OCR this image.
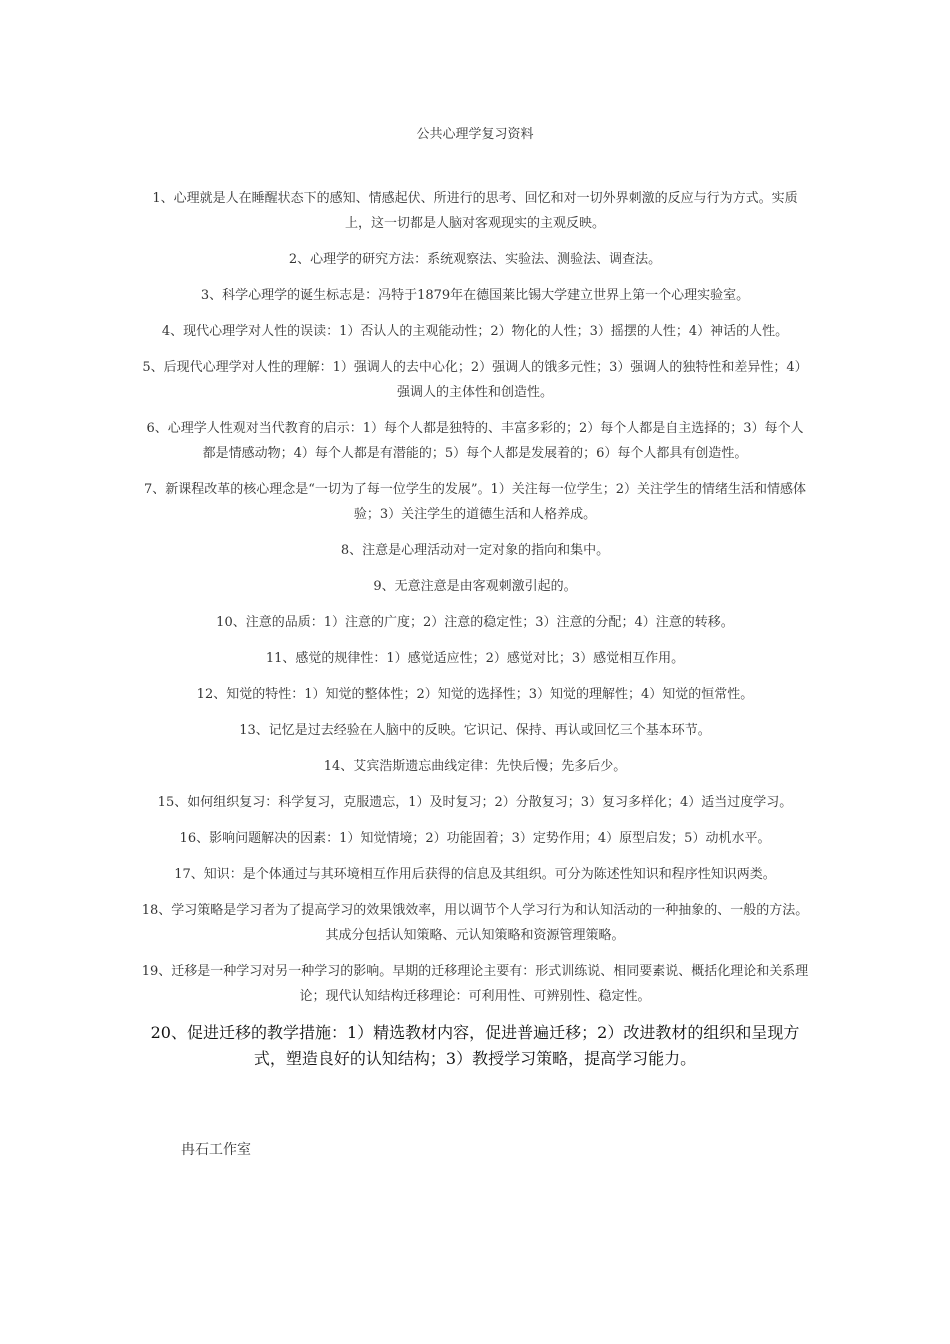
公共心理学复习资料

1、心理就是人在睡醒状态下的感知、情感起伏、所进行的思考、回忆和对一切外界刺激的反应与行为方式。实质上，这一切都是人脑对客观现实的主观反映。

2、心理学的研究方法：系统观察法、实验法、测验法、调查法。

3、科学心理学的诞生标志是：冯特于1879年在德国莱比锡大学建立世界上第一个心理实验室。

4、现代心理学对人性的误读：1）否认人的主观能动性；2）物化的人性；3）摇摆的人性；4）神话的人性。

5、后现代心理学对人性的理解：1）强调人的去中心化；2）强调人的饿多元性；3）强调人的独特性和差异性；4）强调人的主体性和创造性。

6、心理学人性观对当代教育的启示：1）每个人都是独特的、丰富多彩的；2）每个人都是自主选择的；3）每个人都是情感动物；4）每个人都是有潜能的；5）每个人都是发展着的；6）每个人都具有创造性。

7、新课程改革的核心理念是“一切为了每一位学生的发展”。1）关注每一位学生；2）关注学生的情绪生活和情感体验；3）关注学生的道德生活和人格养成。

8、注意是心理活动对一定对象的指向和集中。

9、无意注意是由客观刺激引起的。

10、注意的品质：1）注意的广度；2）注意的稳定性；3）注意的分配；4）注意的转移。

11、感觉的规律性：1）感觉适应性；2）感觉对比；3）感觉相互作用。

12、知觉的特性：1）知觉的整体性；2）知觉的选择性；3）知觉的理解性；4）知觉的恒常性。

13、记忆是过去经验在人脑中的反映。它识记、保持、再认或回忆三个基本环节。

14、艾宾浩斯遗忘曲线定律：先快后慢；先多后少。

15、如何组织复习：科学复习，克服遗忘，1）及时复习；2）分散复习；3）复习多样化；4）适当过度学习。

16、影响问题解决的因素：1）知觉情境；2）功能固着；3）定势作用；4）原型启发；5）动机水平。

17、知识：是个体通过与其环境相互作用后获得的信息及其组织。可分为陈述性知识和程序性知识两类。

18、学习策略是学习者为了提高学习的效果饿效率，用以调节个人学习行为和认知活动的一种抽象的、一般的方法。其成分包括认知策略、元认知策略和资源管理策略。

19、迁移是一种学习对另一种学习的影响。早期的迁移理论主要有：形式训练说、相同要素说、概括化理论和关系理论；现代认知结构迁移理论：可利用性、可辨别性、稳定性。

20、促进迁移的教学措施：1）精选教材内容，促进普遍迁移；2）改进教材的组织和呈现方式，塑造良好的认知结构；3）教授学习策略，提高学习能力。

冉石工作室
